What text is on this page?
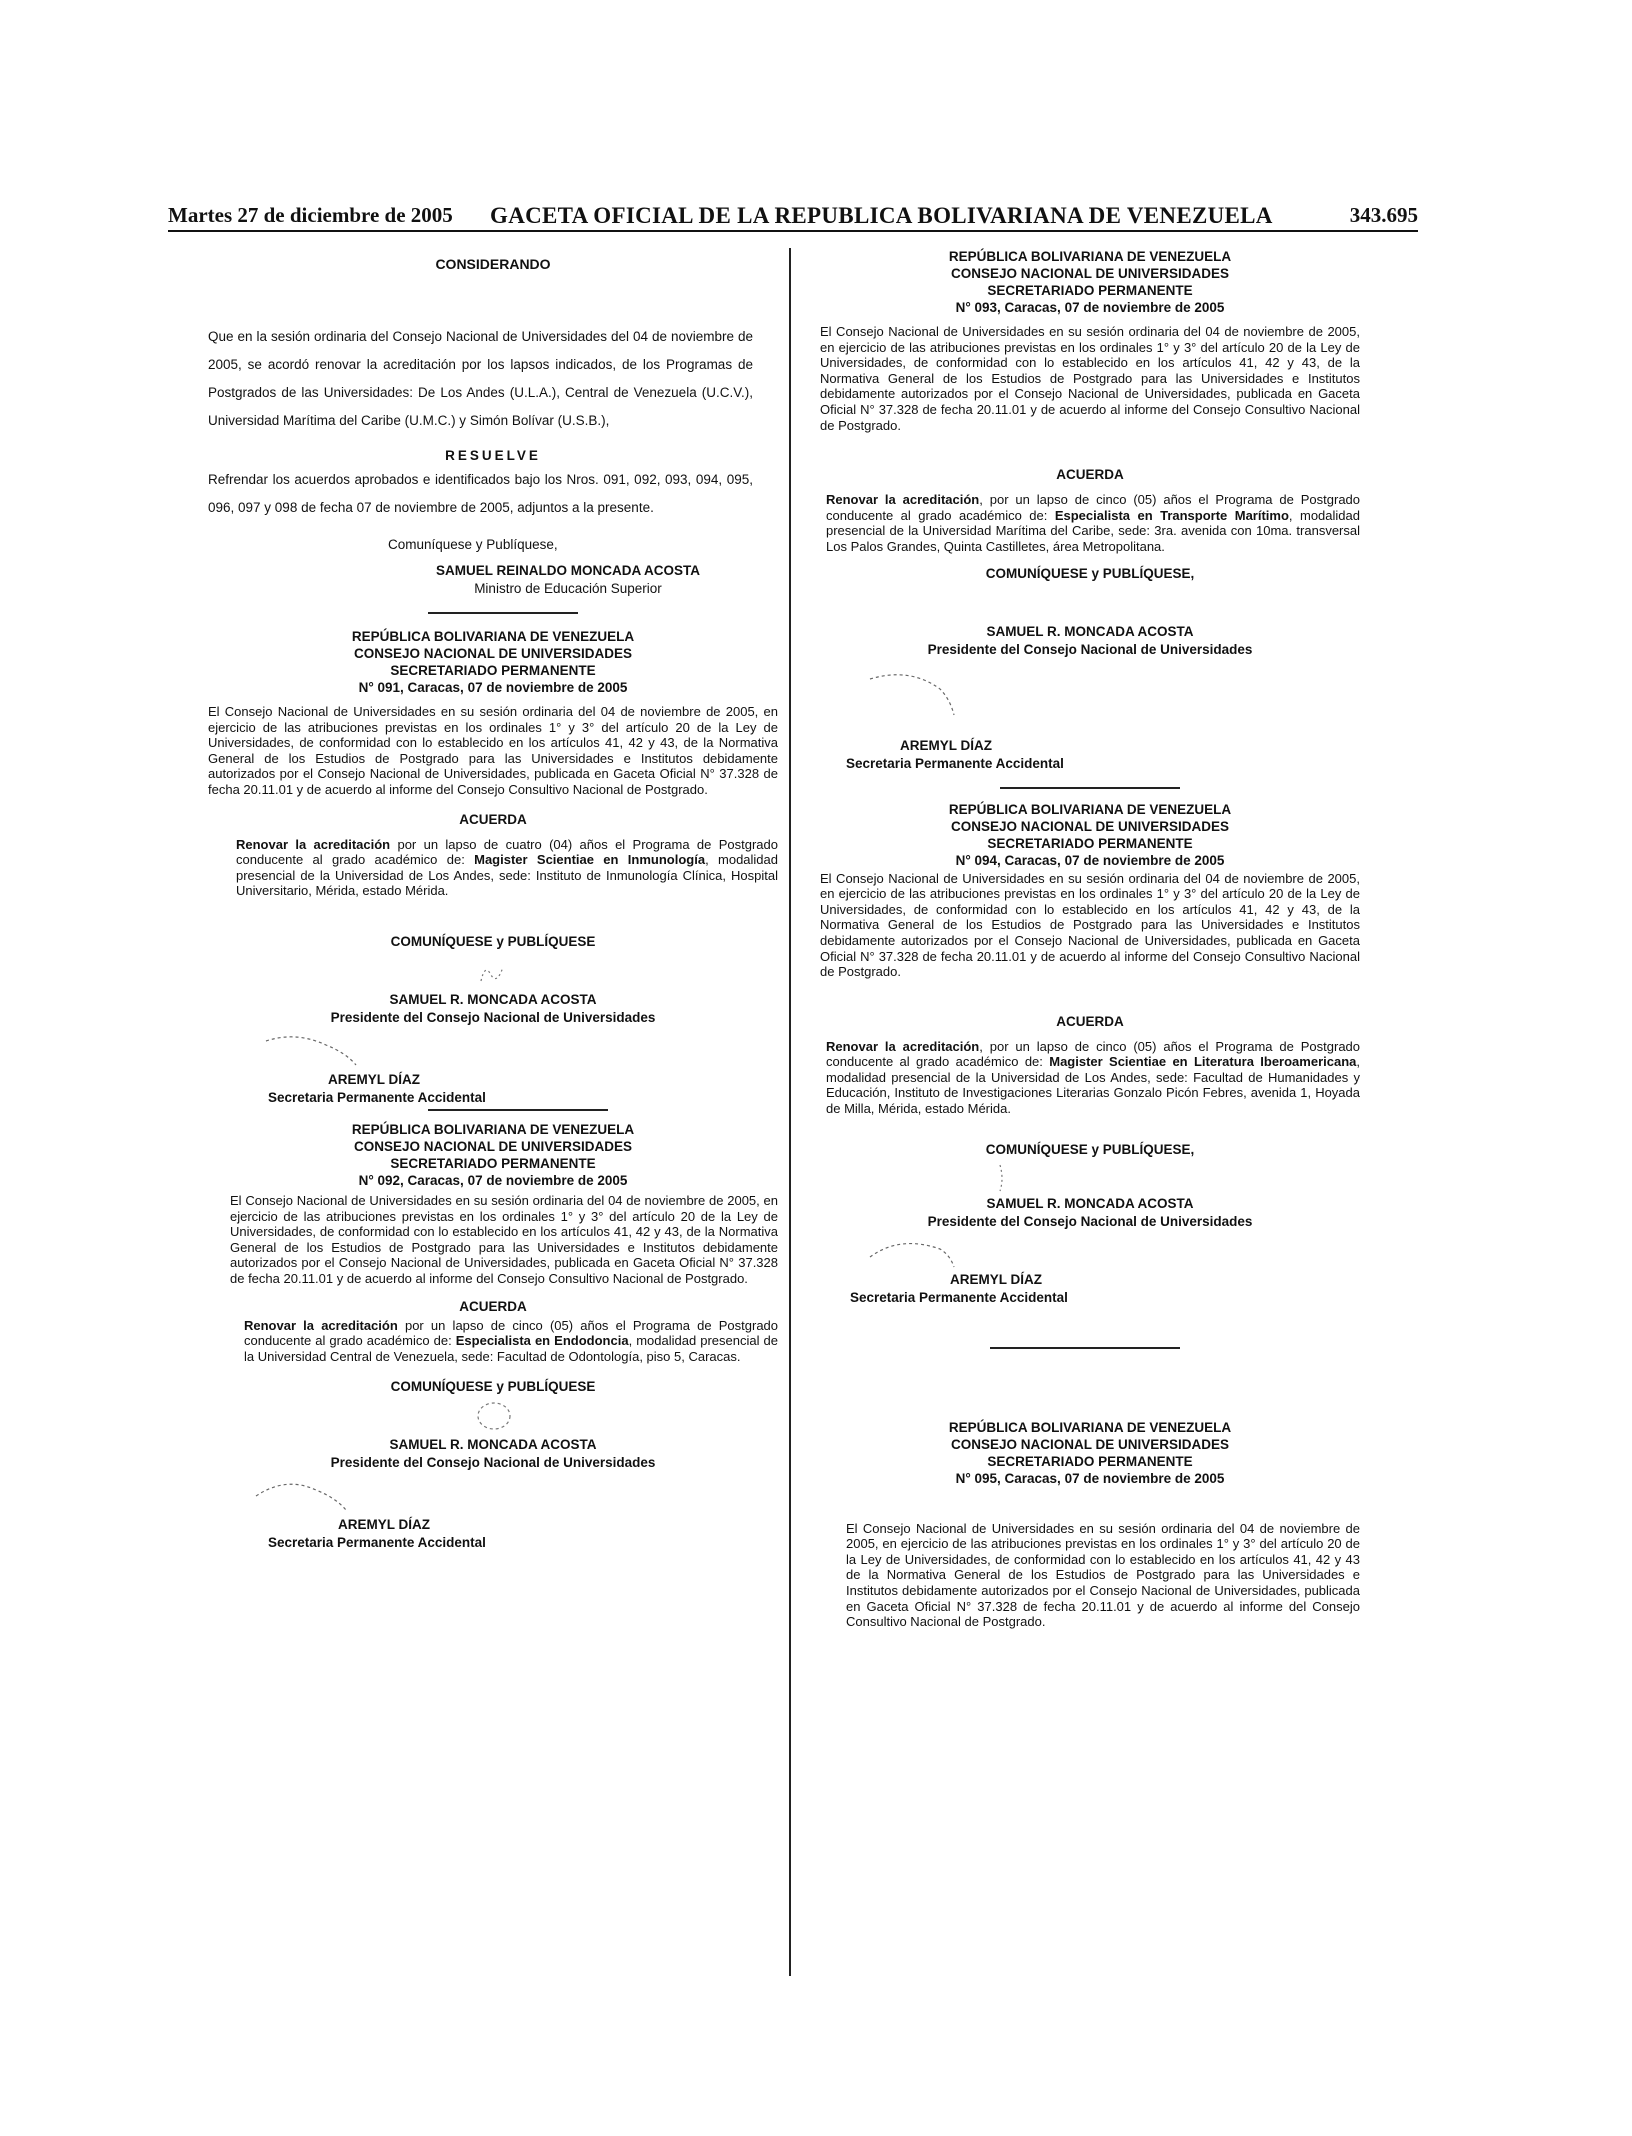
Martes 27 de diciembre de 2005 GACETA OFICIAL DE LA REPUBLICA BOLIVARIANA DE VENEZUELA	343.695
CONSIDERANDO
Que en la sesión ordinaria del Consejo Nacional de Universidades del 04 de noviembre de 2005, se acordó renovar la acreditación por los lapsos indicados, de los Programas de Postgrados de las Universidades: De Los Andes (U.L.A.), Central de Venezuela (U.C.V.), Universidad Marítima del Caribe (U.M.C.) y Simón Bolívar (U.S.B.),
RESUELVE
Refrendar los acuerdos aprobados e identificados bajo los Nros. 091, 092, 093, 094, 095, 096, 097 y 098 de fecha 07 de noviembre de 2005, adjuntos a la presente.
Comuníquese y Publíquese,
SAMUEL REINALDO MONCADA ACOSTA
Ministro de Educación Superior
REPÚBLICA BOLIVARIANA DE VENEZUELA
CONSEJO NACIONAL DE UNIVERSIDADES
SECRETARIADO PERMANENTE
N° 091, Caracas, 07 de noviembre de 2005
El Consejo Nacional de Universidades en su sesión ordinaria del 04 de noviembre de 2005, en ejercicio de las atribuciones previstas en los ordinales 1° y 3° del artículo 20 de la Ley de Universidades, de conformidad con lo establecido en los artículos 41, 42 y 43, de la Normativa General de los Estudios de Postgrado para las Universidades e Institutos debidamente autorizados por el Consejo Nacional de Universidades, publicada en Gaceta Oficial N° 37.328 de fecha 20.11.01 y de acuerdo al informe del Consejo Consultivo Nacional de Postgrado.
ACUERDA
Renovar la acreditación por un lapso de cuatro (04) años el Programa de Postgrado conducente al grado académico de: Magister Scientiae en Inmunología, modalidad presencial de la Universidad de Los Andes, sede: Instituto de Inmunología Clínica, Hospital Universitario, Mérida, estado Mérida.
COMUNÍQUESE y PUBLÍQUESE
SAMUEL R. MONCADA ACOSTA
Presidente del Consejo Nacional de Universidades
AREMYL DÍAZ
Secretaria Permanente Accidental
REPÚBLICA BOLIVARIANA DE VENEZUELA
CONSEJO NACIONAL DE UNIVERSIDADES
SECRETARIADO PERMANENTE
N° 092, Caracas, 07 de noviembre de 2005
El Consejo Nacional de Universidades en su sesión ordinaria del 04 de noviembre de 2005, en ejercicio de las atribuciones previstas en los ordinales 1° y 3° del artículo 20 de la Ley de Universidades, de conformidad con lo establecido en los artículos 41, 42 y 43, de la Normativa General de los Estudios de Postgrado para las Universidades e Institutos debidamente autorizados por el Consejo Nacional de Universidades, publicada en Gaceta Oficial N° 37.328 de fecha 20.11.01 y de acuerdo al informe del Consejo Consultivo Nacional de Postgrado.
ACUERDA
Renovar la acreditación por un lapso de cinco (05) años el Programa de Postgrado conducente al grado académico de: Especialista en Endodoncia, modalidad presencial de la Universidad Central de Venezuela, sede: Facultad de Odontología, piso 5, Caracas.
COMUNÍQUESE y PUBLÍQUESE
SAMUEL R. MONCADA ACOSTA
Presidente del Consejo Nacional de Universidades
AREMYL DÍAZ
Secretaria Permanente Accidental
REPÚBLICA BOLIVARIANA DE VENEZUELA
CONSEJO NACIONAL DE UNIVERSIDADES
SECRETARIADO PERMANENTE
N° 093, Caracas, 07 de noviembre de 2005
El Consejo Nacional de Universidades en su sesión ordinaria del 04 de noviembre de 2005, en ejercicio de las atribuciones previstas en los ordinales 1° y 3° del artículo 20 de la Ley de Universidades, de conformidad con lo establecido en los artículos 41, 42 y 43, de la Normativa General de los Estudios de Postgrado para las Universidades e Institutos debidamente autorizados por el Consejo Nacional de Universidades, publicada en Gaceta Oficial N° 37.328 de fecha 20.11.01 y de acuerdo al informe del Consejo Consultivo Nacional de Postgrado.
ACUERDA
Renovar la acreditación, por un lapso de cinco (05) años el Programa de Postgrado conducente al grado académico de: Especialista en Transporte Marítimo, modalidad presencial de la Universidad Marítima del Caribe, sede: 3ra. avenida con 10ma. transversal Los Palos Grandes, Quinta Castilletes, área Metropolitana.
COMUNÍQUESE y PUBLÍQUESE,
SAMUEL R. MONCADA ACOSTA
Presidente del Consejo Nacional de Universidades
AREMYL DÍAZ
Secretaria Permanente Accidental
REPÚBLICA BOLIVARIANA DE VENEZUELA
CONSEJO NACIONAL DE UNIVERSIDADES
SECRETARIADO PERMANENTE
N° 094, Caracas, 07 de noviembre de 2005
El Consejo Nacional de Universidades en su sesión ordinaria del 04 de noviembre de 2005, en ejercicio de las atribuciones previstas en los ordinales 1° y 3° del artículo 20 de la Ley de Universidades, de conformidad con lo establecido en los artículos 41, 42 y 43, de la Normativa General de los Estudios de Postgrado para las Universidades e Institutos debidamente autorizados por el Consejo Nacional de Universidades, publicada en Gaceta Oficial N° 37.328 de fecha 20.11.01 y de acuerdo al informe del Consejo Consultivo Nacional de Postgrado.
ACUERDA
Renovar la acreditación, por un lapso de cinco (05) años el Programa de Postgrado conducente al grado académico de: Magister Scientiae en Literatura Iberoamericana, modalidad presencial de la Universidad de Los Andes, sede: Facultad de Humanidades y Educación, Instituto de Investigaciones Literarias Gonzalo Picón Febres, avenida 1, Hoyada de Milla, Mérida, estado Mérida.
COMUNÍQUESE y PUBLÍQUESE,
SAMUEL R. MONCADA ACOSTA
Presidente del Consejo Nacional de Universidades
AREMYL DÍAZ
Secretaria Permanente Accidental
REPÚBLICA BOLIVARIANA DE VENEZUELA
CONSEJO NACIONAL DE UNIVERSIDADES
SECRETARIADO PERMANENTE
N° 095, Caracas, 07 de noviembre de 2005
El Consejo Nacional de Universidades en su sesión ordinaria del 04 de noviembre de 2005, en ejercicio de las atribuciones previstas en los ordinales 1° y 3° del artículo 20 de la Ley de Universidades, de conformidad con lo establecido en los artículos 41, 42 y 43 de la Normativa General de los Estudios de Postgrado para las Universidades e Institutos debidamente autorizados por el Consejo Nacional de Universidades, publicada en Gaceta Oficial N° 37.328 de fecha 20.11.01 y de acuerdo al informe del Consejo Consultivo Nacional de Postgrado.
